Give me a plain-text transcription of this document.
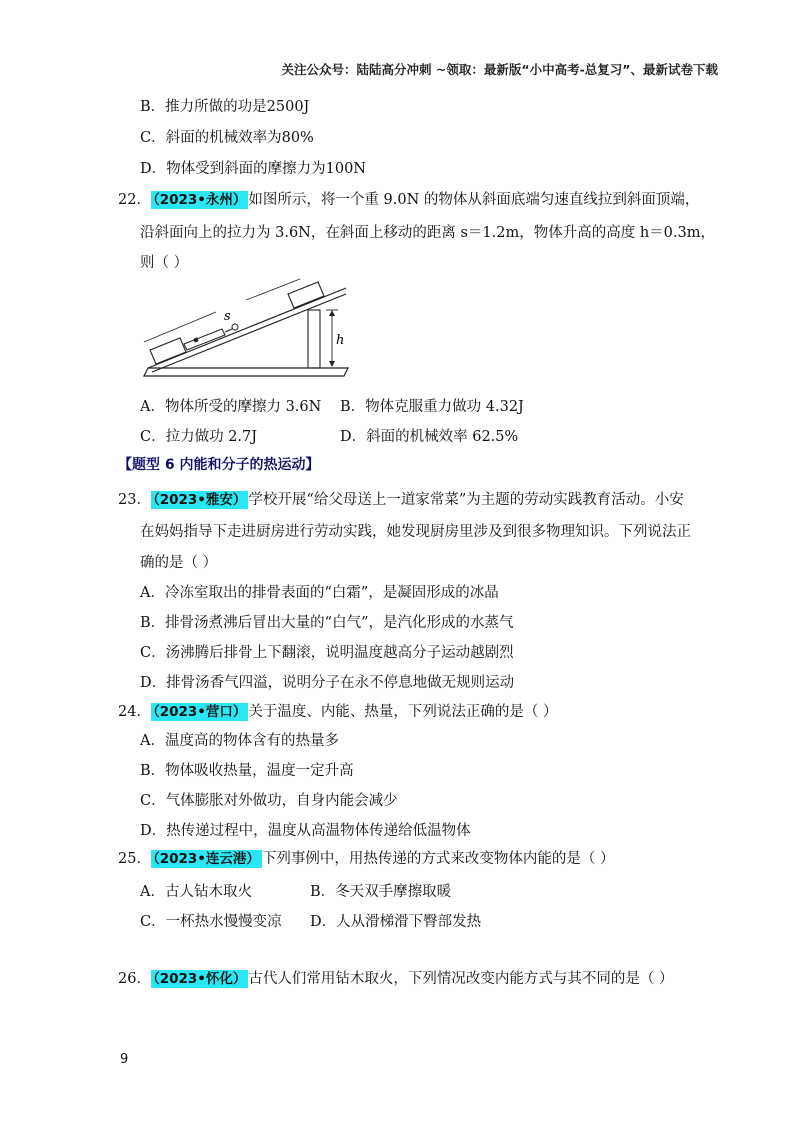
关注公众号：陆陆高分冲刺 ~领取：最新版“小中高考-总复习”、最新试卷下载
B．推力所做的功是2500J
C．斜面的机械效率为80%
D．物体受到斜面的摩擦力为100N
22． （2023•永州） 如图所示，将一个重 9.0N 的物体从斜面底端匀速直线拉到斜面顶端，
沿斜面向上的拉力为 3.6N，在斜面上移动的距离 s＝1.2m，物体升高的高度 h＝0.3m，
则（ ）
h
s
A．物体所受的摩擦力 3.6N B．物体克服重力做功 4.32J
C．拉力做功 2.7J	D．斜面的机械效率 62.5%
【题型 6 内能和分子的热运动】
23． （2023•雅安） 学校开展“给父母送上一道家常菜”为主题的劳动实践教育活动。小安
在妈妈指导下走进厨房进行劳动实践，她发现厨房里涉及到很多物理知识。下列说法正
确的是（ ）
A．冷冻室取出的排骨表面的“白霜”，是凝固形成的冰晶
B．排骨汤煮沸后冒出大量的“白气”，是汽化形成的水蒸气
C．汤沸腾后排骨上下翻滚，说明温度越高分子运动越剧烈
D．排骨汤香气四溢，说明分子在永不停息地做无规则运动
24． （2023•营口） 关于温度、内能、热量，下列说法正确的是（ ）
A．温度高的物体含有的热量多
B．物体吸收热量，温度一定升高
C．气体膨胀对外做功，自身内能会减少
D．热传递过程中，温度从高温物体传递给低温物体
25． （2023•连云港） 下列事例中，用热传递的方式来改变物体内能的是（ ）
A．古人钻木取火	B．冬天双手摩擦取暖
C．一杯热水慢慢变凉 D．人从滑梯滑下臀部发热
26． （2023•怀化） 古代人们常用钻木取火，下列情况改变内能方式与其不同的是（ ）
9
